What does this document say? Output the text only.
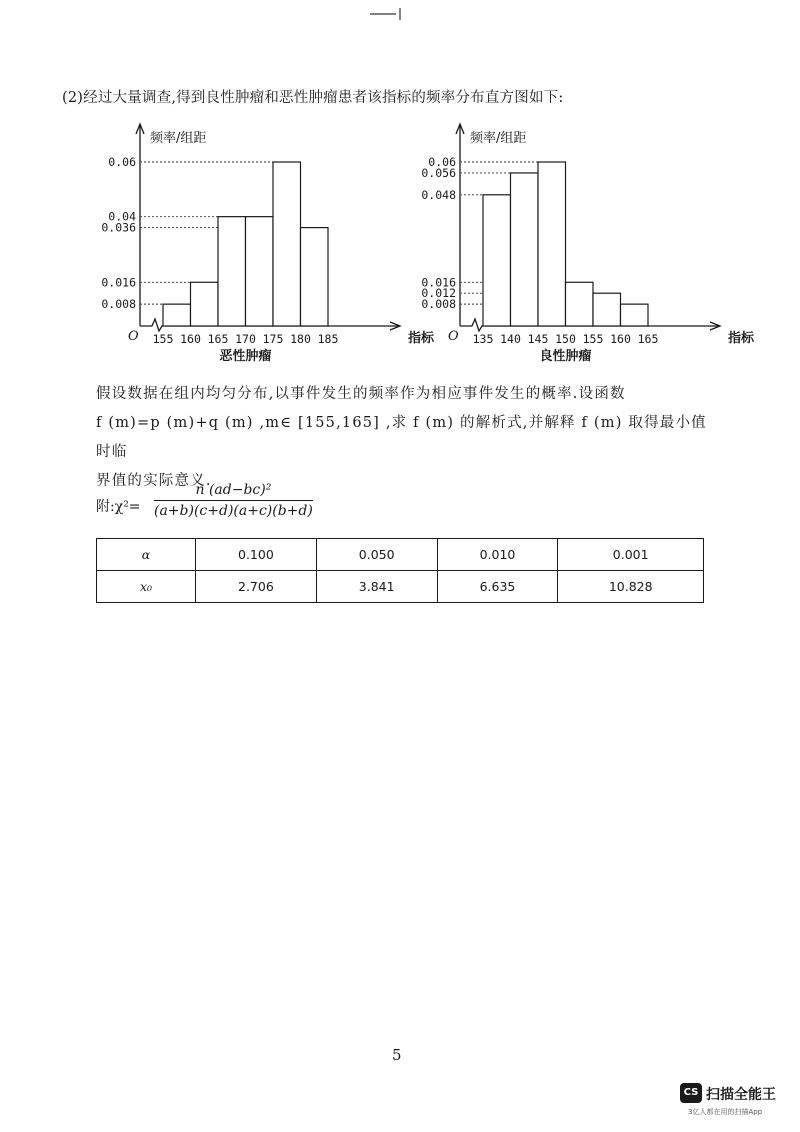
(2)经过大量调查,得到良性肿瘤和恶性肿瘤患者该指标的频率分布直方图如下:
0.06
0.04
0.036
0.016
0.008
155 160 165 170 175 180 185
O
频率/组距
指标
恶性肿瘤
0.06
0.056
0.048
0.016
0.012
0.008
135 140 145 150 155 160 165
O
频率/组距
指标
良性肿瘤
假设数据在组内均匀分布,以事件发生的频率作为相应事件发生的概率.设函数
f (m)=p (m)+q (m) ,m∈ [155,165] ,求 f (m) 的解析式,并解释 f (m) 取得最小值时临
界值的实际意义.
附:χ²=
n (ad−bc)²
(a+b)(c+d)(a+c)(b+d)
α	0.100	0.050	0.010	0.001
x₀	2.706	3.841	6.635	10.828
5
CS 扫描全能王
3亿人都在用的扫描App
